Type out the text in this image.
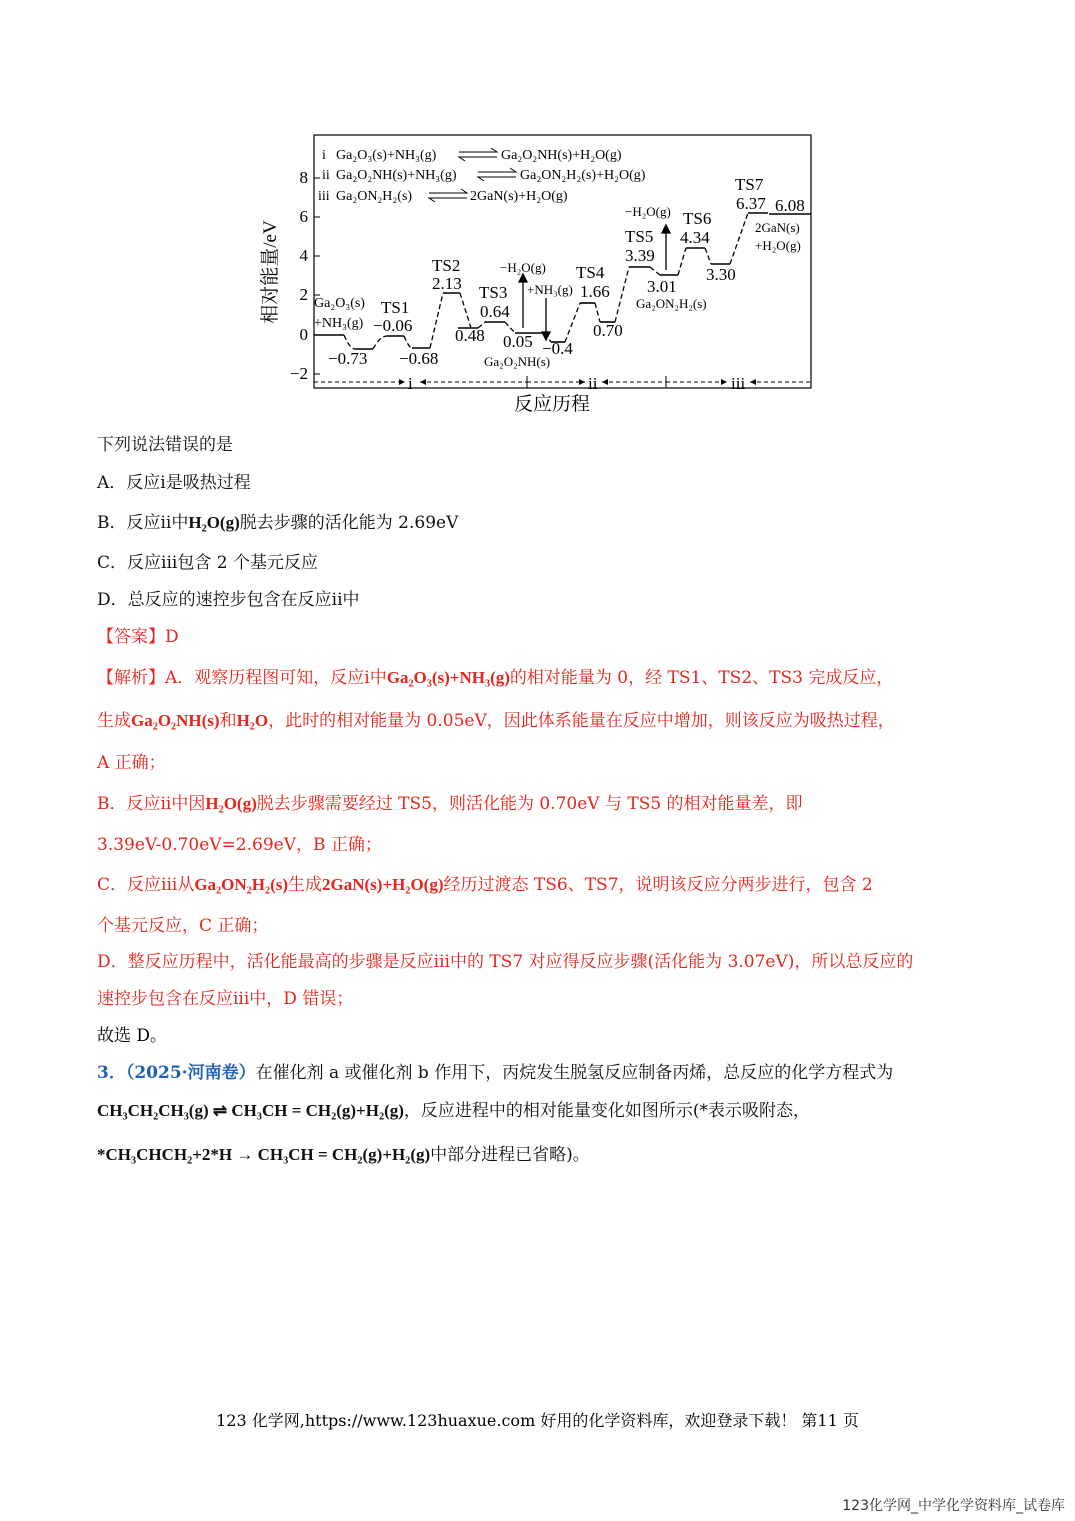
相对能量/eV
8
6
4
2
0
−2
i Ga₂O₃(s)+NH₃(g)	Ga₂O₂NH(s)+H₂O(g)
ii Ga₂O₂NH(s)+NH₃(g)	Ga₂ON₂H₂(s)+H₂O(g)
iii Ga₂ON₂H₂(s)	2GaN(s)+H₂O(g)
Ga₂O₃(s)
+NH₃(g)
TS1
−0.06
−0.73 −0.68
TS2
2.13
0.48
TS3
0.64
0.05
−H₂O(g)
+NH₃(g)
−0.4
Ga₂O₂NH(s)
TS4
1.66
0.70
−H₂O(g)
TS5
3.39
3.01
Ga₂ON₂H₂(s)
TS6
4.34
3.30
TS7
6.37 6.08
2GaN(s)
+H₂O(g)
i	ii	iii
反应历程
下列说法错误的是
A．反应i是吸热过程
B．反应ii中H₂O(g)脱去步骤的活化能为 2.69eV
C．反应iii包含 2 个基元反应
D．总反应的速控步包含在反应ii中
【答案】D
【解析】A．观察历程图可知，反应i中Ga₂O₃(s)+NH₃(g)的相对能量为 0，经 TS1、TS2、TS3 完成反应，
生成Ga₂O₂NH(s)和H₂O，此时的相对能量为 0.05eV，因此体系能量在反应中增加，则该反应为吸热过程，
A 正确；
B．反应ii中因H₂O(g)脱去步骤需要经过 TS5，则活化能为 0.70eV 与 TS5 的相对能量差，即
3.39eV-0.70eV=2.69eV，B 正确；
C．反应iii从Ga₂ON₂H₂(s)生成2GaN(s)+H₂O(g)经历过渡态 TS6、TS7，说明该反应分两步进行，包含 2
个基元反应，C 正确；
D．整反应历程中，活化能最高的步骤是反应iii中的 TS7 对应得反应步骤(活化能为 3.07eV)，所以总反应的
速控步包含在反应iii中，D 错误；
故选 D。
3．（2025·河南卷）在催化剂 a 或催化剂 b 作用下，丙烷发生脱氢反应制备丙烯，总反应的化学方程式为
CH₃CH₂CH₃(g) ⇌ CH₃CH = CH₂(g)+H₂(g)，反应进程中的相对能量变化如图所示(*表示吸附态，
*CH₃CHCH₂+2*H → CH₃CH = CH₂(g)+H₂(g)中部分进程已省略)。
123 化学网,https://www.123huaxue.com 好用的化学资料库，欢迎登录下载！ 第11 页
123化学网_中学化学资料库_试卷库
